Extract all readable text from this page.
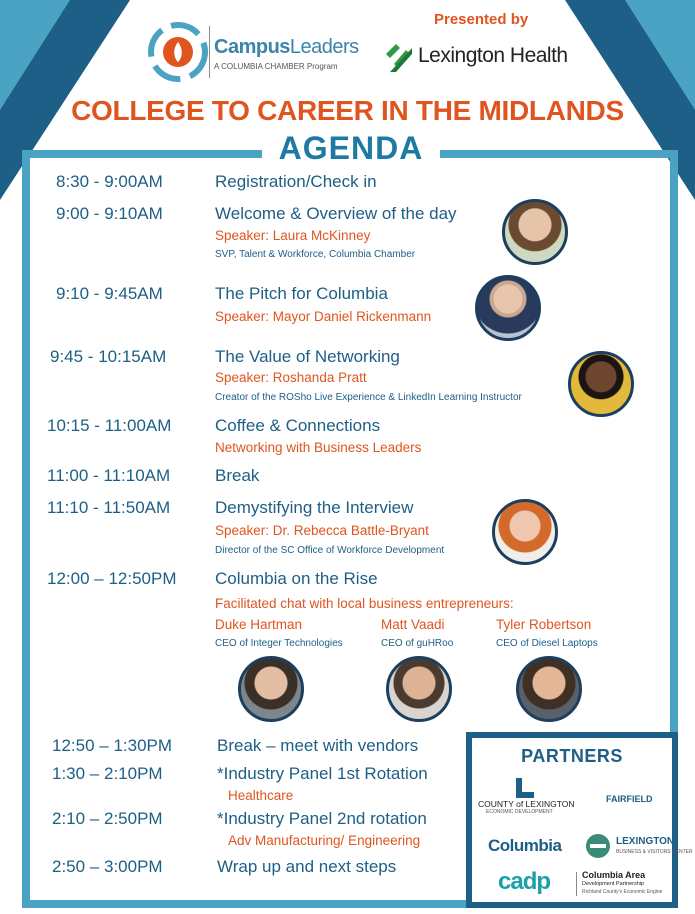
CampusLeaders
A COLUMBIA CHAMBER Program
Presented by
Lexington Health
COLLEGE TO CAREER IN THE MIDLANDS
AGENDA
8:30 - 9:00AM	Registration/Check in
9:00 - 9:10AM	Welcome & Overview of the day
Speaker: Laura McKinney
SVP, Talent & Workforce, Columbia Chamber
9:10 - 9:45AM	The Pitch for Columbia
Speaker: Mayor Daniel Rickenmann
9:45 - 10:15AM	The Value of Networking
Speaker: Roshanda Pratt
Creator of the ROSho Live Experience & LinkedIn Learning Instructor
10:15 - 11:00AM	Coffee & Connections
Networking with Business Leaders
11:00 - 11:10AM	Break
11:10 - 11:50AM	Demystifying the Interview
Speaker: Dr. Rebecca Battle-Bryant
Director of the SC Office of Workforce Development
12:00 – 12:50PM Columbia on the Rise
Facilitated chat with local business entrepreneurs:
Duke Hartman
CEO of Integer Technologies
Matt Vaadi
CEO of guHRoo
Tyler Robertson
CEO of Diesel Laptops
12:50 – 1:30PM	Break – meet with vendors
1:30 – 2:10PM	*Industry Panel 1st Rotation
Healthcare
2:10 – 2:50PM	*Industry Panel 2nd rotation
Adv Manufacturing/ Engineering
2:50 – 3:00PM	Wrap up and next steps
PARTNERS
COUNTY of LEXINGTON
ECONOMIC DEVELOPMENT
FAIRFIELD
Columbia	LEXINGTON
BUSINESS & VISITORS CENTER
cadp	Columbia Area
Development Partnership
Richland County's Economic Engine
